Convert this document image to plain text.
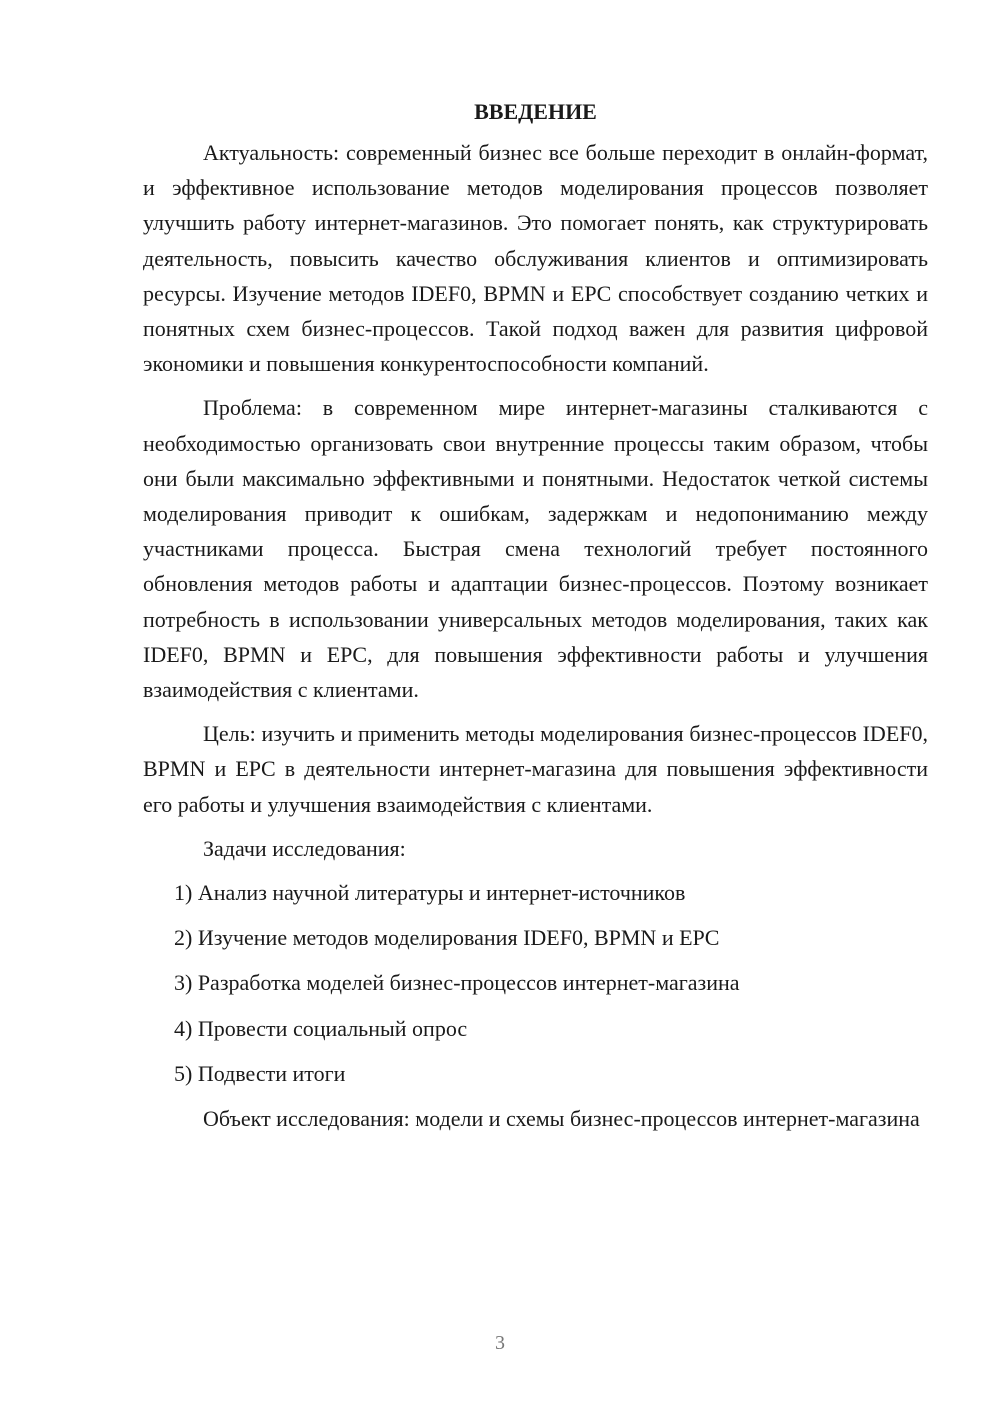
ВВЕДЕНИЕ

Актуальность: современный бизнес все больше переходит в онлайн-формат, и эффективное использование методов моделирования процессов позволяет улучшить работу интернет-магазинов. Это помогает понять, как структурировать деятельность, повысить качество обслуживания клиентов и оптимизировать ресурсы. Изучение методов IDEF0, BPMN и EPC способствует созданию четких и понятных схем бизнес-процессов. Такой подход важен для развития цифровой экономики и повышения конкурентоспособности компаний.

Проблема: в современном мире интернет-магазины сталкиваются с необходимостью организовать свои внутренние процессы таким образом, чтобы они были максимально эффективными и понятными. Недостаток четкой системы моделирования приводит к ошибкам, задержкам и недопониманию между участниками процесса. Быстрая смена технологий требует постоянного обновления методов работы и адаптации бизнес-процессов. Поэтому возникает потребность в использовании универсальных методов моделирования, таких как IDEF0, BPMN и EPC, для повышения эффективности работы и улучшения взаимодействия с клиентами.

Цель: изучить и применить методы моделирования бизнес-процессов IDEF0, BPMN и EPC в деятельности интернет-магазина для повышения эффективности его работы и улучшения взаимодействия с клиентами.

Задачи исследования:

1) Анализ научной литературы и интернет-источников
2) Изучение методов моделирования IDEF0, BPMN и EPC
3) Разработка моделей бизнес-процессов интернет-магазина
4) Провести социальный опрос
5) Подвести итоги

Объект исследования: модели и схемы бизнес-процессов интернет-магазина

3
